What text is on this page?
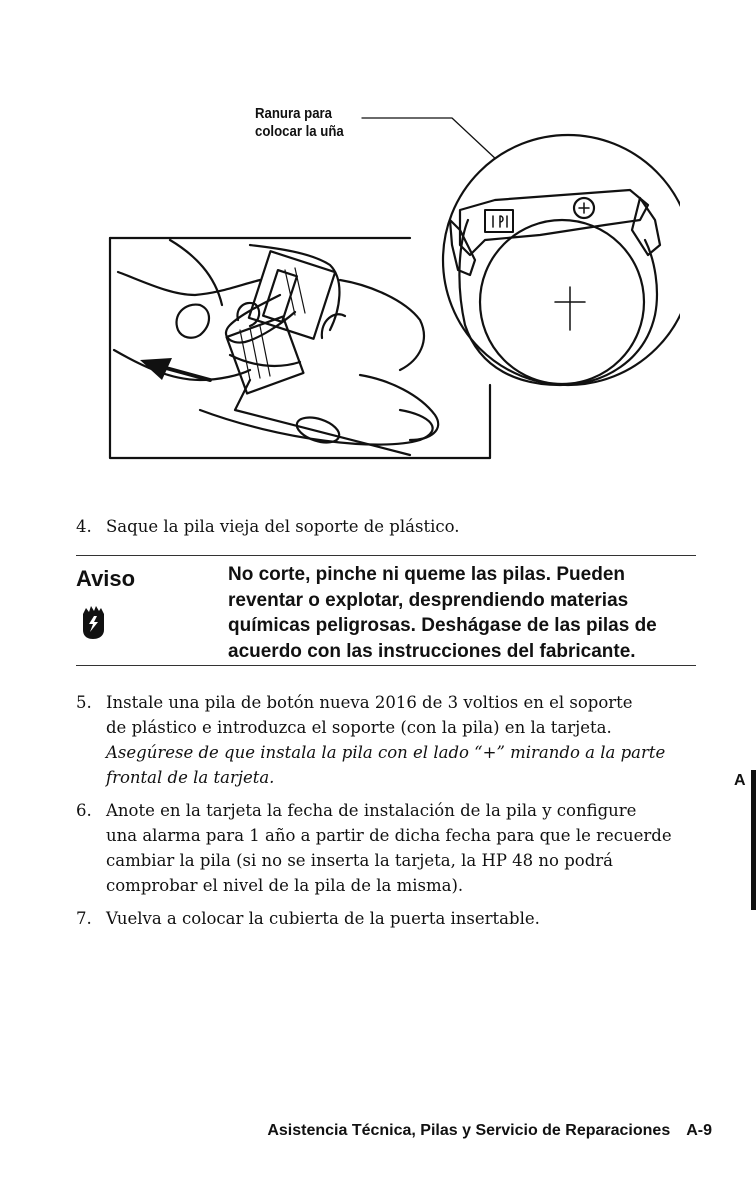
Ranura para
colocar la uña
4. Saque la pila vieja del soporte de plástico.
Aviso	No corte, pinche ni queme las pilas. Pueden
reventar o explotar, desprendiendo materias
químicas peligrosas. Deshágase de las pilas de
acuerdo con las instrucciones del fabricante.
5. Instale una pila de botón nueva 2016 de 3 voltios en el soporte
de plástico e introduzca el soporte (con la pila) en la tarjeta.
Asegúrese de que instala la pila con el lado “+” mirando a la parte
frontal de la tarjeta.
6. Anote en la tarjeta la fecha de instalación de la pila y configure
una alarma para 1 año a partir de dicha fecha para que le recuerde
cambiar la pila (si no se inserta la tarjeta, la HP 48 no podrá
comprobar el nivel de la pila de la misma).
7. Vuelva a colocar la cubierta de la puerta insertable.
A
Asistencia Técnica, Pilas y Servicio de Reparaciones A-9
